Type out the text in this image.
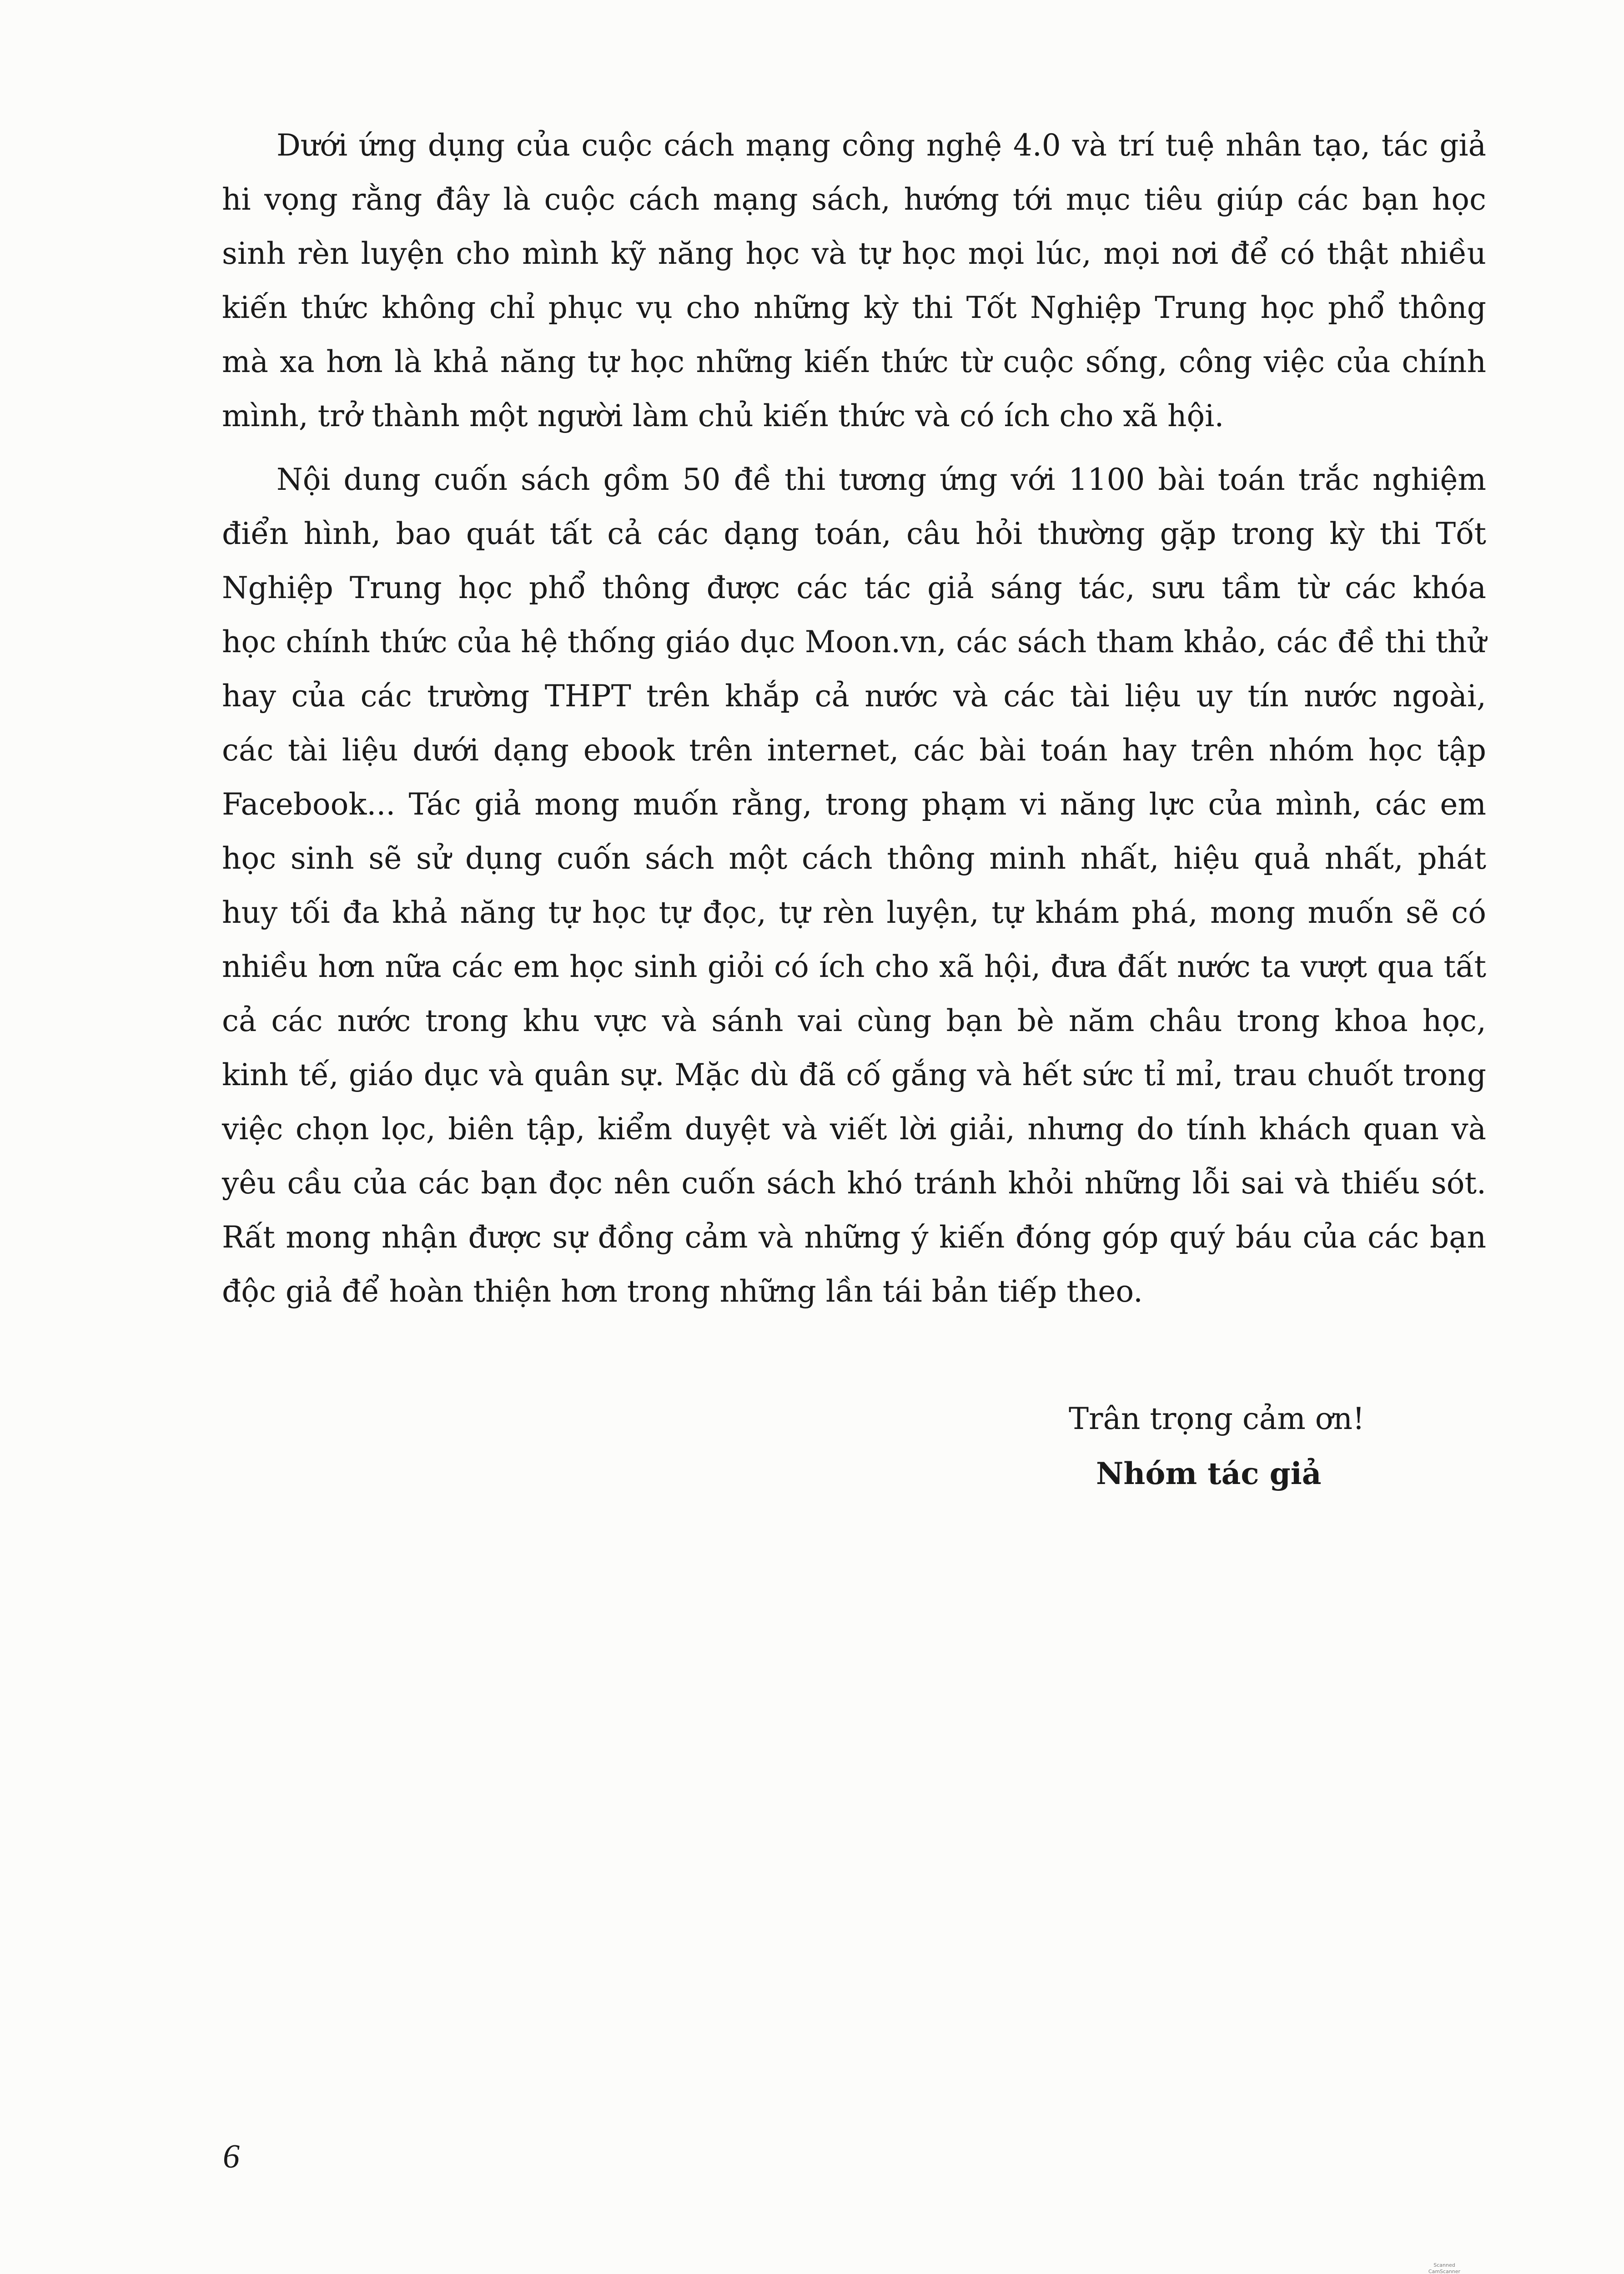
Dưới ứng dụng của cuộc cách mạng công nghệ 4.0 và trí tuệ nhân tạo, tác giả
hi vọng rằng đây là cuộc cách mạng sách, hướng tới mục tiêu giúp các bạn học
sinh rèn luyện cho mình kỹ năng học và tự học mọi lúc, mọi nơi để có thật nhiều
kiến thức không chỉ phục vụ cho những kỳ thi Tốt Nghiệp Trung học phổ thông
mà xa hơn là khả năng tự học những kiến thức từ cuộc sống, công việc của chính
mình, trở thành một người làm chủ kiến thức và có ích cho xã hội.
Nội dung cuốn sách gồm 50 đề thi tương ứng với 1100 bài toán trắc nghiệm
điển hình, bao quát tất cả các dạng toán, câu hỏi thường gặp trong kỳ thi Tốt
Nghiệp Trung học phổ thông được các tác giả sáng tác, sưu tầm từ các khóa
học chính thức của hệ thống giáo dục Moon.vn, các sách tham khảo, các đề thi thử
hay của các trường THPT trên khắp cả nước và các tài liệu uy tín nước ngoài,
các tài liệu dưới dạng ebook trên internet, các bài toán hay trên nhóm học tập
Facebook... Tác giả mong muốn rằng, trong phạm vi năng lực của mình, các em
học sinh sẽ sử dụng cuốn sách một cách thông minh nhất, hiệu quả nhất, phát
huy tối đa khả năng tự học tự đọc, tự rèn luyện, tự khám phá, mong muốn sẽ có
nhiều hơn nữa các em học sinh giỏi có ích cho xã hội, đưa đất nước ta vượt qua tất
cả các nước trong khu vực và sánh vai cùng bạn bè năm châu trong khoa học,
kinh tế, giáo dục và quân sự. Mặc dù đã cố gắng và hết sức tỉ mỉ, trau chuốt trong
việc chọn lọc, biên tập, kiểm duyệt và viết lời giải, nhưng do tính khách quan và
yêu cầu của các bạn đọc nên cuốn sách khó tránh khỏi những lỗi sai và thiếu sót.
Rất mong nhận được sự đồng cảm và những ý kiến đóng góp quý báu của các bạn
độc giả để hoàn thiện hơn trong những lần tái bản tiếp theo.
Trân trọng cảm ơn!
Nhóm tác giả
6
Scanned
CamScanner
